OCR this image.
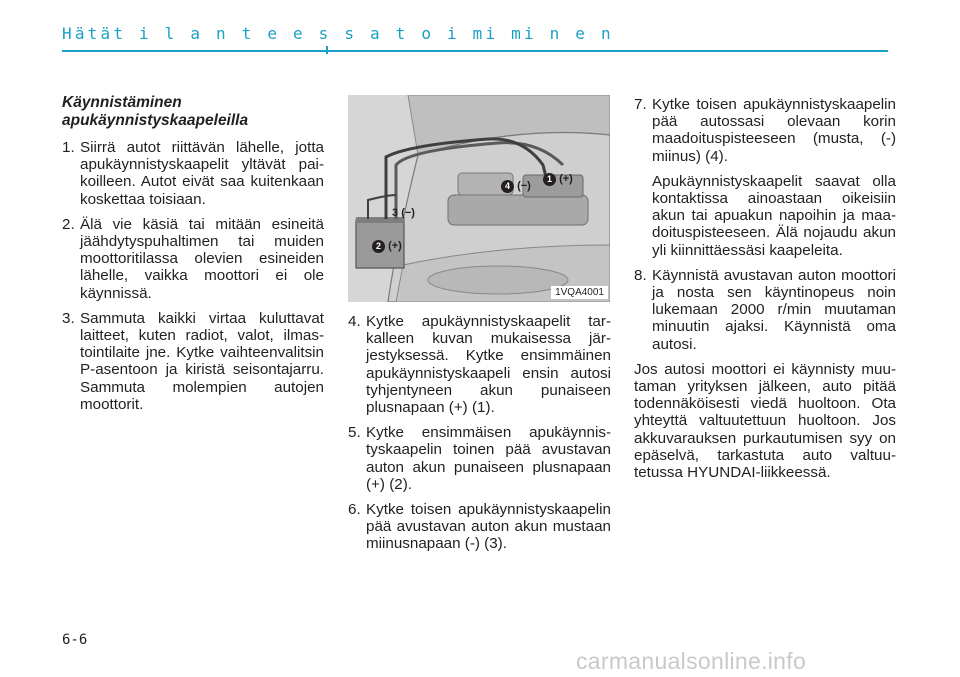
Hätät i l a n t e e s s a t o i mi mi n e n
Käynnistäminen
apukäynnistyskaapeleilla
1. Siirrä autot riittävän lähelle, jotta apukäynnistyskaapelit yltävät paikoilleen. Autot eivät saa kuitenkaan koskettaa toisiaan.
2. Älä vie käsiä tai mitään esineitä jäähdytyspuhaltimen tai muiden moottoritilassa olevien esineiden lähelle, vaikka moottori ei ole käynnissä.
3. Sammuta kaikki virtaa kuluttavat laitteet, kuten radiot, valot, ilmastointilaite jne. Kytke vaihteenvalitsin P-asentoon ja kiristä seisontajarru. Sammuta molempien autojen moottorit.
1 (+)
4 (−)
3 (−)
2 (+)
1VQA4001
4. Kytke apukäynnistyskaapelit tarkalleen kuvan mukaisessa järjestyksessä. Kytke ensimmäinen apukäynnistyskaapeli ensin autosi tyhjentyneen akun punaiseen plusnapaan (+) (1).
5. Kytke ensimmäisen apukäynnistyskaapelin toinen pää avustavan auton akun punaiseen plusnapaan (+) (2).
6. Kytke toisen apukäynnistyskaapelin pää avustavan auton akun mustaan miinusnapaan (-) (3).
7. Kytke toisen apukäynnistyskaapelin pää autossasi olevaan korin maadoituspisteeseen (musta, (-) miinus) (4).
Apukäynnistyskaapelit saavat olla kontaktissa ainoastaan oikeisiin akun tai apuakun napoihin ja maadoituspisteeseen. Älä nojaudu akun yli kiinnittäessäsi kaapeleita.
8. Käynnistä avustavan auton moottori ja nosta sen käyntinopeus noin lukemaan 2000 r/min muutaman minuutin ajaksi. Käynnistä oma autosi.

Jos autosi moottori ei käynnisty muutaman yrityksen jälkeen, auto pitää todennäköisesti viedä huoltoon. Ota yhteyttä valtuutettuun huoltoon. Jos akkuvarauksen purkautumisen syy on epäselvä, tarkastuta auto valtuutetussa HYUNDAI-liikkeessä.

6-6
carmanualsonline.info
